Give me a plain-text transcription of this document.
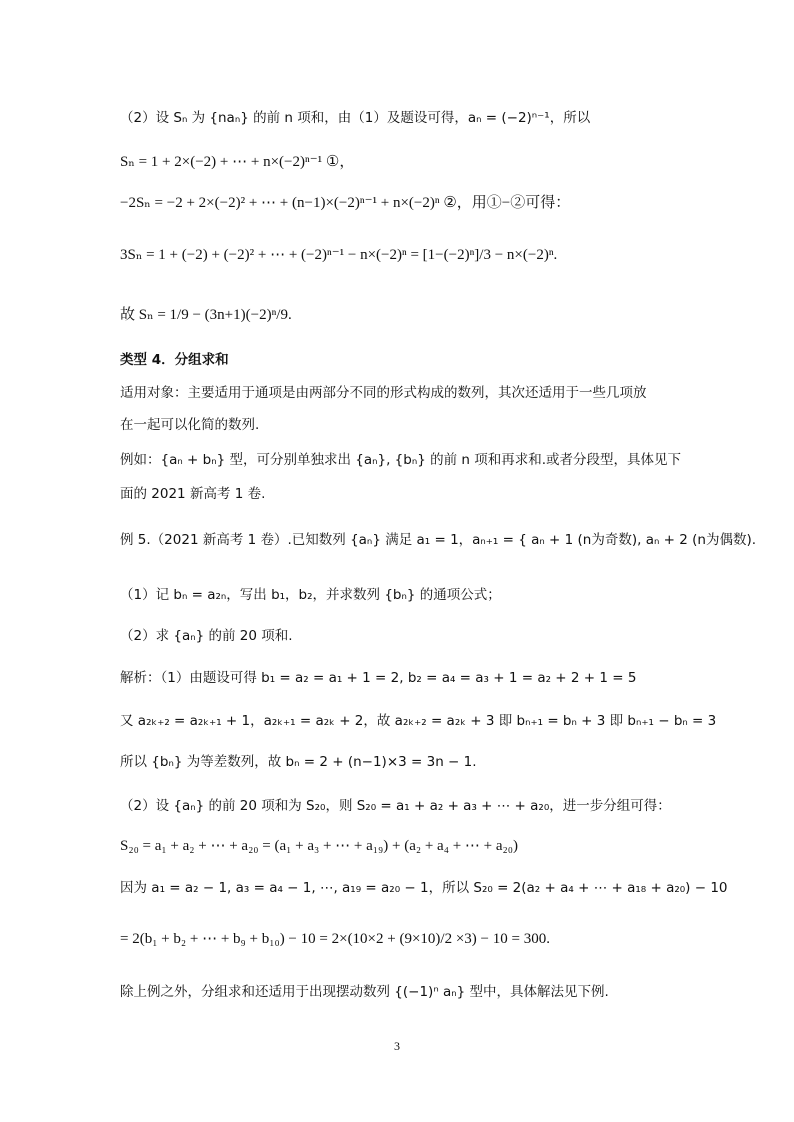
（2）设 Sₙ 为 {naₙ} 的前 n 项和，由（1）及题设可得，aₙ = (−2)ⁿ⁻¹，所以
Sₙ = 1 + 2×(−2) + ⋯ + n×(−2)ⁿ⁻¹ ①，
−2Sₙ = −2 + 2×(−2)² + ⋯ + (n−1)×(−2)ⁿ⁻¹ + n×(−2)ⁿ ②，用①−②可得：
3Sₙ = 1 + (−2) + (−2)² + ⋯ + (−2)ⁿ⁻¹ − n×(−2)ⁿ = [1−(−2)ⁿ]/3 − n×(−2)ⁿ.
故 Sₙ = 1/9 − (3n+1)(−2)ⁿ/9.
类型 4．分组求和
适用对象：主要适用于通项是由两部分不同的形式构成的数列，其次还适用于一些几项放
在一起可以化简的数列.
例如：{aₙ + bₙ} 型，可分别单独求出 {aₙ}, {bₙ} 的前 n 项和再求和.或者分段型，具体见下
面的 2021 新高考 1 卷.
例 5.（2021 新高考 1 卷）.已知数列 {aₙ} 满足 a₁ = 1，aₙ₊₁ = { aₙ + 1 (n为奇数), aₙ + 2 (n为偶数).
（1）记 bₙ = a₂ₙ，写出 b₁，b₂，并求数列 {bₙ} 的通项公式；
（2）求 {aₙ} 的前 20 项和.
解析：（1）由题设可得 b₁ = a₂ = a₁ + 1 = 2, b₂ = a₄ = a₃ + 1 = a₂ + 2 + 1 = 5
又 a₂ₖ₊₂ = a₂ₖ₊₁ + 1，a₂ₖ₊₁ = a₂ₖ + 2，故 a₂ₖ₊₂ = a₂ₖ + 3 即 bₙ₊₁ = bₙ + 3 即 bₙ₊₁ − bₙ = 3
所以 {bₙ} 为等差数列，故 bₙ = 2 + (n−1)×3 = 3n − 1.
（2）设 {aₙ} 的前 20 项和为 S₂₀，则 S₂₀ = a₁ + a₂ + a₃ + ⋯ + a₂₀，进一步分组可得：
S₂₀ = a₁ + a₂ + ⋯ + a₂₀ = (a₁ + a₃ + ⋯ + a₁₉) + (a₂ + a₄ + ⋯ + a₂₀)
因为 a₁ = a₂ − 1, a₃ = a₄ − 1, ⋯, a₁₉ = a₂₀ − 1，所以 S₂₀ = 2(a₂ + a₄ + ⋯ + a₁₈ + a₂₀) − 10
= 2(b₁ + b₂ + ⋯ + b₉ + b₁₀) − 10 = 2×(10×2 + (9×10)/2 ×3) − 10 = 300.
除上例之外，分组求和还适用于出现摆动数列 {(−1)ⁿ aₙ} 型中，具体解法见下例.
3
